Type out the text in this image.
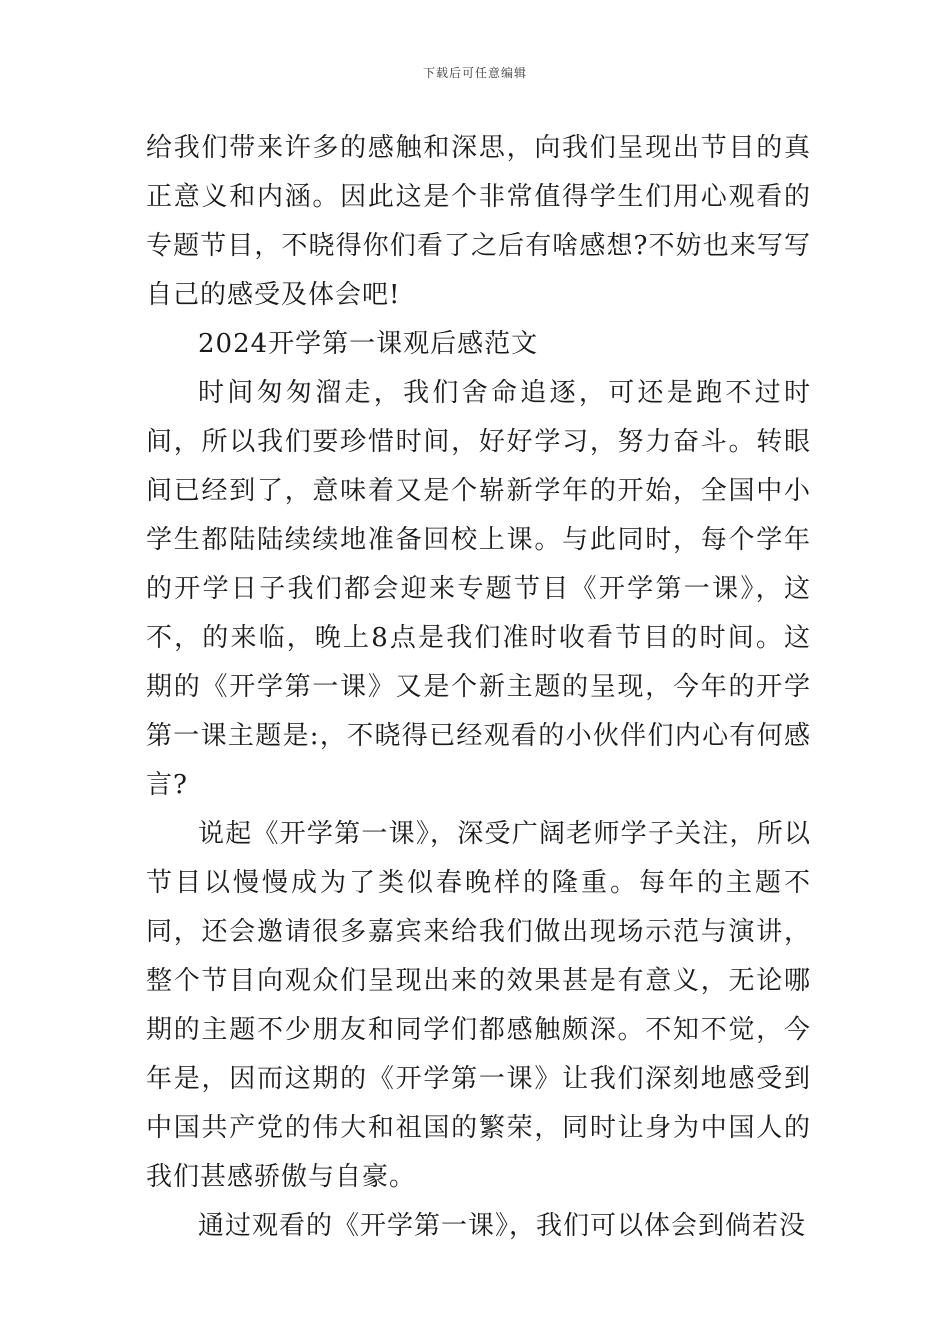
下载后可任意编辑

给我们带来许多的感触和深思，向我们呈现出节目的真正意义和内涵。因此这是个非常值得学生们用心观看的专题节目，不晓得你们看了之后有啥感想?不妨也来写写自己的感受及体会吧!

2024开学第一课观后感范文

时间匆匆溜走，我们舍命追逐，可还是跑不过时间，所以我们要珍惜时间，好好学习，努力奋斗。转眼间已经到了，意味着又是个崭新学年的开始，全国中小学生都陆陆续续地准备回校上课。与此同时，每个学年的开学日子我们都会迎来专题节目《开学第一课》，这不，的来临，晚上8点是我们准时收看节目的时间。这期的《开学第一课》又是个新主题的呈现，今年的开学第一课主题是:，不晓得已经观看的小伙伴们内心有何感言?

说起《开学第一课》，深受广阔老师学子关注，所以节目以慢慢成为了类似春晚样的隆重。每年的主题不同，还会邀请很多嘉宾来给我们做出现场示范与演讲，整个节目向观众们呈现出来的效果甚是有意义，无论哪期的主题不少朋友和同学们都感触颇深。不知不觉，今年是，因而这期的《开学第一课》让我们深刻地感受到中国共产党的伟大和祖国的繁荣，同时让身为中国人的我们甚感骄傲与自豪。

通过观看的《开学第一课》，我们可以体会到倘若没
